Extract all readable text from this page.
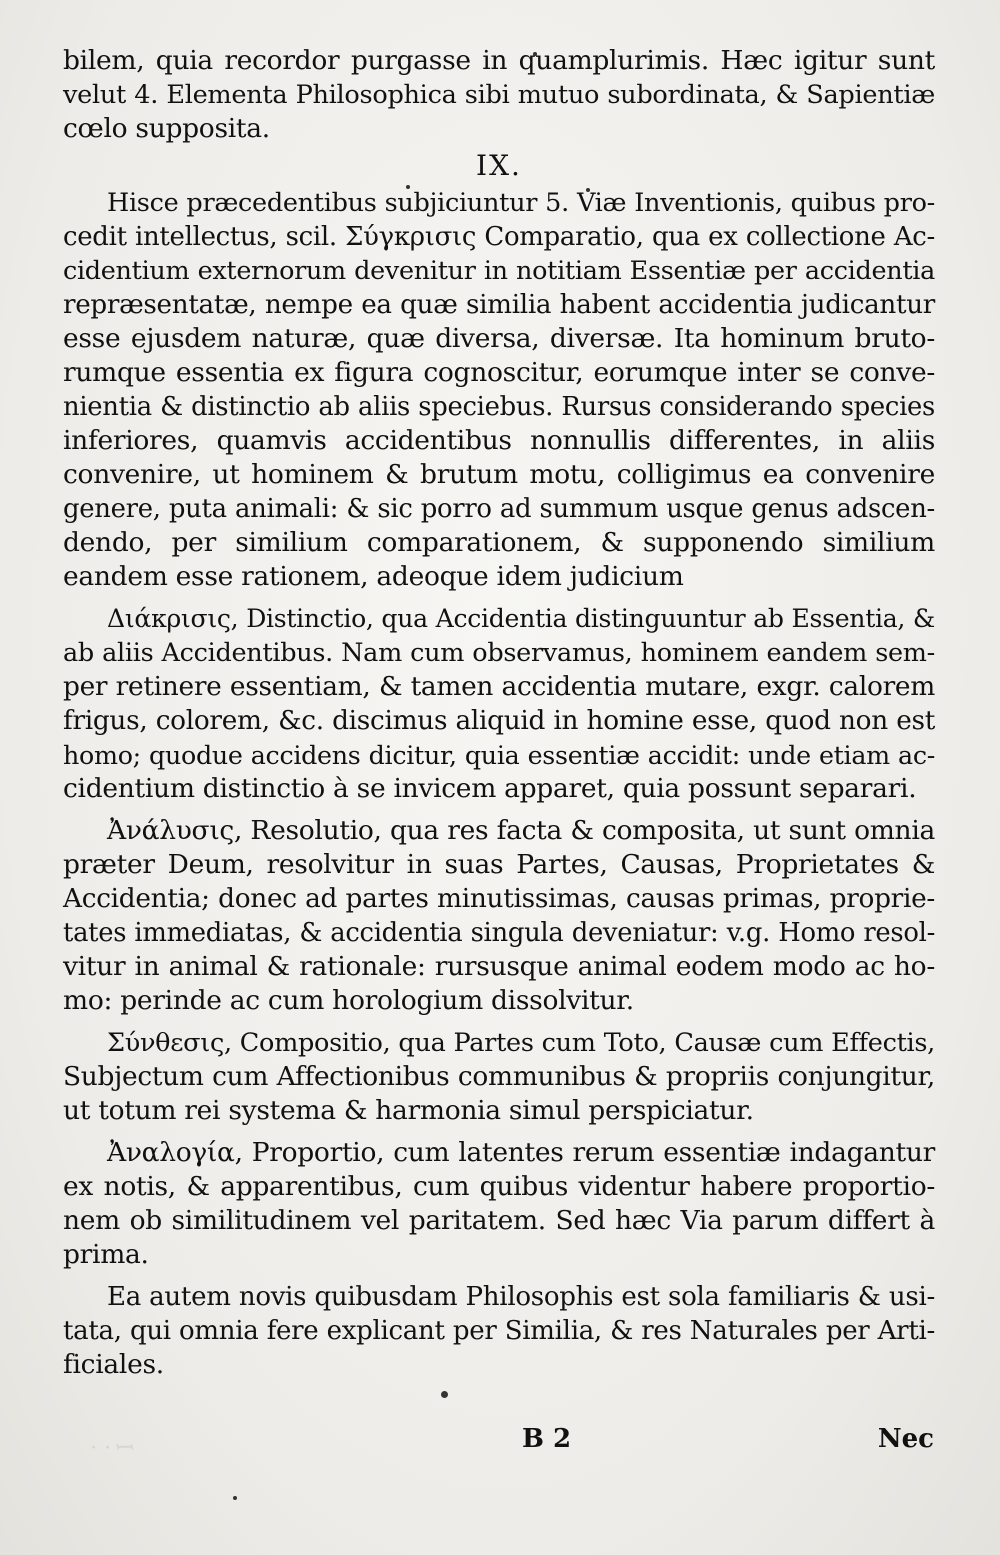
ꟷ · ·
bilem, quia recordor purgasse in quamplurimis. Hæc igitur sunt
velut 4. Elementa Philosophica sibi mutuo subordinata, & Sapientiæ
cœlo supposita.
IX.
Hisce præcedentibus subjiciuntur 5. Viæ Inventionis, quibus pro-
cedit intellectus, scil. Σύγκρισις Comparatio, qua ex collectione Ac-
cidentium externorum devenitur in notitiam Essentiæ per accidentia
repræsentatæ, nempe ea quæ similia habent accidentia judicantur
esse ejusdem naturæ, quæ diversa, diversæ. Ita hominum bruto-
rumque essentia ex figura cognoscitur, eorumque inter se conve-
nientia & distinctio ab aliis speciebus. Rursus considerando species
inferiores, quamvis accidentibus nonnullis differentes, in aliis
convenire, ut hominem & brutum motu, colligimus ea convenire
genere, puta animali: & sic porro ad summum usque genus adscen-
dendo, per similium comparationem, & supponendo similium
eandem esse rationem, adeoque idem judicium
Διάκρισις, Distinctio, qua Accidentia distinguuntur ab Essentia, &
ab aliis Accidentibus. Nam cum observamus, hominem eandem sem-
per retinere essentiam, & tamen accidentia mutare, exgr. calorem
frigus, colorem, &c. discimus aliquid in homine esse, quod non est
homo; quodue accidens dicitur, quia essentiæ accidit: unde etiam ac-
cidentium distinctio à se invicem apparet, quia possunt separari.
Ἀνάλυσις, Resolutio, qua res facta & composita, ut sunt omnia
præter Deum, resolvitur in suas Partes, Causas, Proprietates &
Accidentia; donec ad partes minutissimas, causas primas, proprie-
tates immediatas, & accidentia singula deveniatur: v.g. Homo resol-
vitur in animal & rationale: rursusque animal eodem modo ac ho-
mo: perinde ac cum horologium dissolvitur.
Σύνθεσις, Compositio, qua Partes cum Toto, Causæ cum Effectis,
Subjectum cum Affectionibus communibus & propriis conjungitur,
ut totum rei systema & harmonia simul perspiciatur.
Ἀναλογία, Proportio, cum latentes rerum essentiæ indagantur
ex notis, & apparentibus, cum quibus videntur habere proportio-
nem ob similitudinem vel paritatem. Sed hæc Via parum differt à
prima.
Ea autem novis quibusdam Philosophis est sola familiaris & usi-
tata, qui omnia fere explicant per Similia, & res Naturales per Arti-
ficiales.
B 2	Nec
